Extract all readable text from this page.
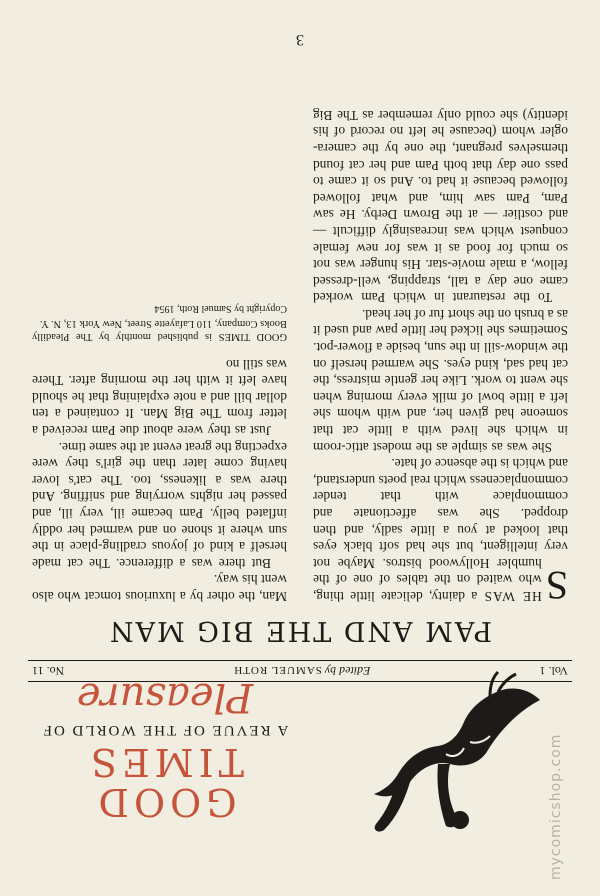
GOOD TIMES
A REVUE OF THE WORLD OF
Pleasure
Vol. 1
Edited by SAMUEL ROTH
No. 11
PAM AND THE BIG MAN

S
HE WAS a dainty, delicate little thing, who waited on the tables of one of the humbler Hollywood bistros. Maybe not very intelligent, but she had soft black eyes that looked at you a little sadly, and then dropped. She was affectionate and commonplace with that tender commonplaceness which real poets understand, and which is the absence of hate.

She was as simple as the modest attic-room in which she lived with a little cat that someone had given her, and with whom she left a little bowl of milk every morning when she went to work. Like her gentle mistress, the cat had sad, kind eyes. She warmed herself on the window-sill in the sun, beside a flower-pot. Sometimes she licked her little paw and used it as a brush on the short fur of her head.

To the restaurant in which Pam worked came one day a tall, strapping, well-dressed fellow, a male movie-star. His hunger was not so much for food as it was for new female conquest which was increasingly difficult — and costlier — at the Brown Derby. He saw Pam, Pam saw him, and what followed followed because it had to. And so it came to pass one day that both Pam and her cat found themselves pregnant, the one by the camera-ogler whom (because he left no record of his identity) she could only remember as The Big Man, the other by a luxurious tomcat who also went his way.

But there was a difference. The cat made herself a kind of joyous cradling-place in the sun where it shone on and warmed her oddly inflated belly. Pam became ill, very ill, and passed her nights worrying and sniffing. And there was a likeness, too. The cat's lover having come later than the girl's they were expecting the great event at the same time.

Just as they were about due Pam received a letter from The Big Man. It contained a ten dollar bill and a note explaining that he should have left it with her the morning after. There was still no

GOOD TIMES is published monthly by The Pleadilly Books Company, 110 Lafayette Street, New York 13, N. Y.

Copyright by Samuel Roth, 1954

3
mycomicshop.com
